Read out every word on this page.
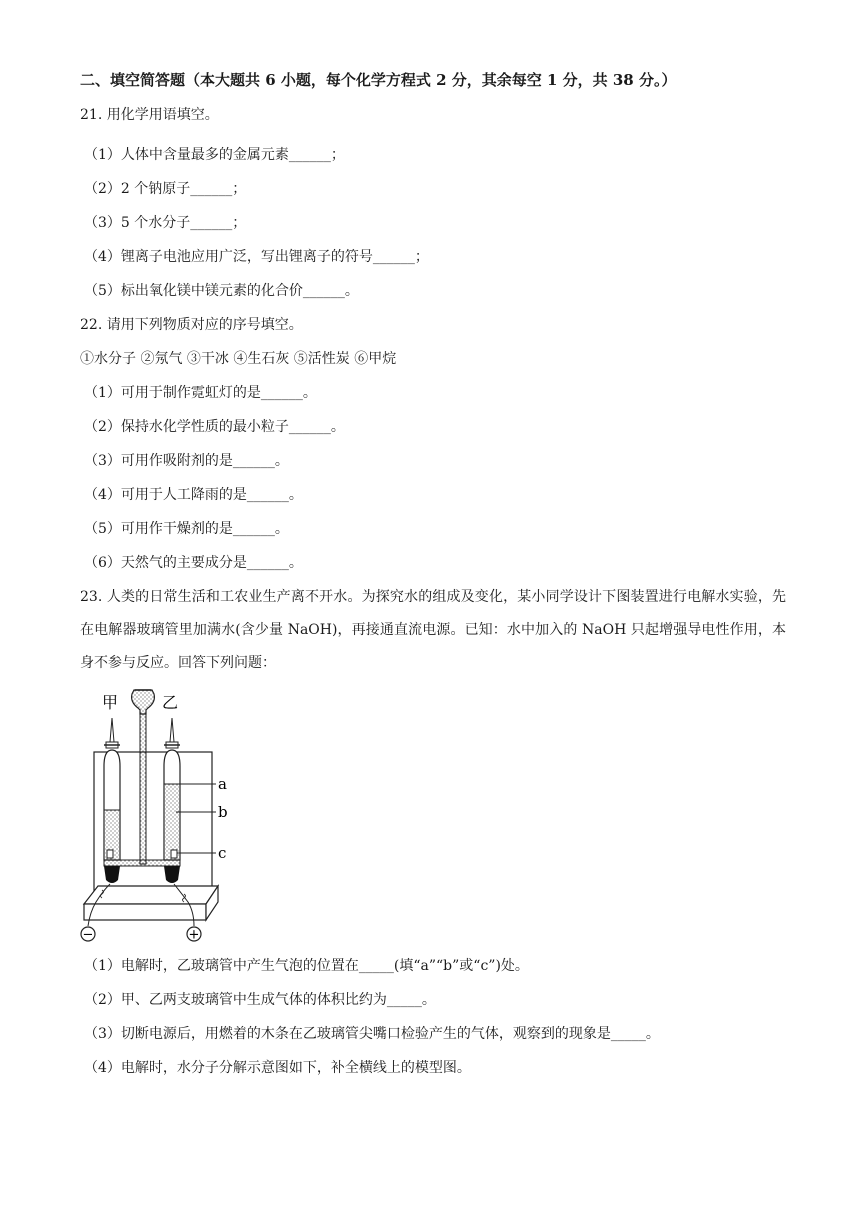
二、填空简答题（本大题共 6 小题，每个化学方程式 2 分，其余每空 1 分，共 38 分。）
21. 用化学用语填空。
（1）人体中含量最多的金属元素______；
（2）2 个钠原子______；
（3）5 个水分子______；
（4）锂离子电池应用广泛，写出锂离子的符号______；
（5）标出氧化镁中镁元素的化合价______。
22. 请用下列物质对应的序号填空。
①水分子 ②氖气 ③干冰 ④生石灰 ⑤活性炭 ⑥甲烷
（1）可用于制作霓虹灯的是______。
（2）保持水化学性质的最小粒子______。
（3）可用作吸附剂的是______。
（4）可用于人工降雨的是______。
（5）可用作干燥剂的是______。
（6）天然气的主要成分是______。
23. 人类的日常生活和工农业生产离不开水。为探究水的组成及变化，某小同学设计下图装置进行电解水实验，先在电解器玻璃管里加满水(含少量 NaOH)，再接通直流电源。已知：水中加入的 NaOH 只起增强导电性作用，本身不参与反应。回答下列问题：
甲	乙
−	+
a
b
c
（1）电解时，乙玻璃管中产生气泡的位置在_____(填“a”“b”或“c”)处。
（2）甲、乙两支玻璃管中生成气体的体积比约为_____。
（3）切断电源后，用燃着的木条在乙玻璃管尖嘴口检验产生的气体，观察到的现象是_____。
（4）电解时，水分子分解示意图如下，补全横线上的模型图。
